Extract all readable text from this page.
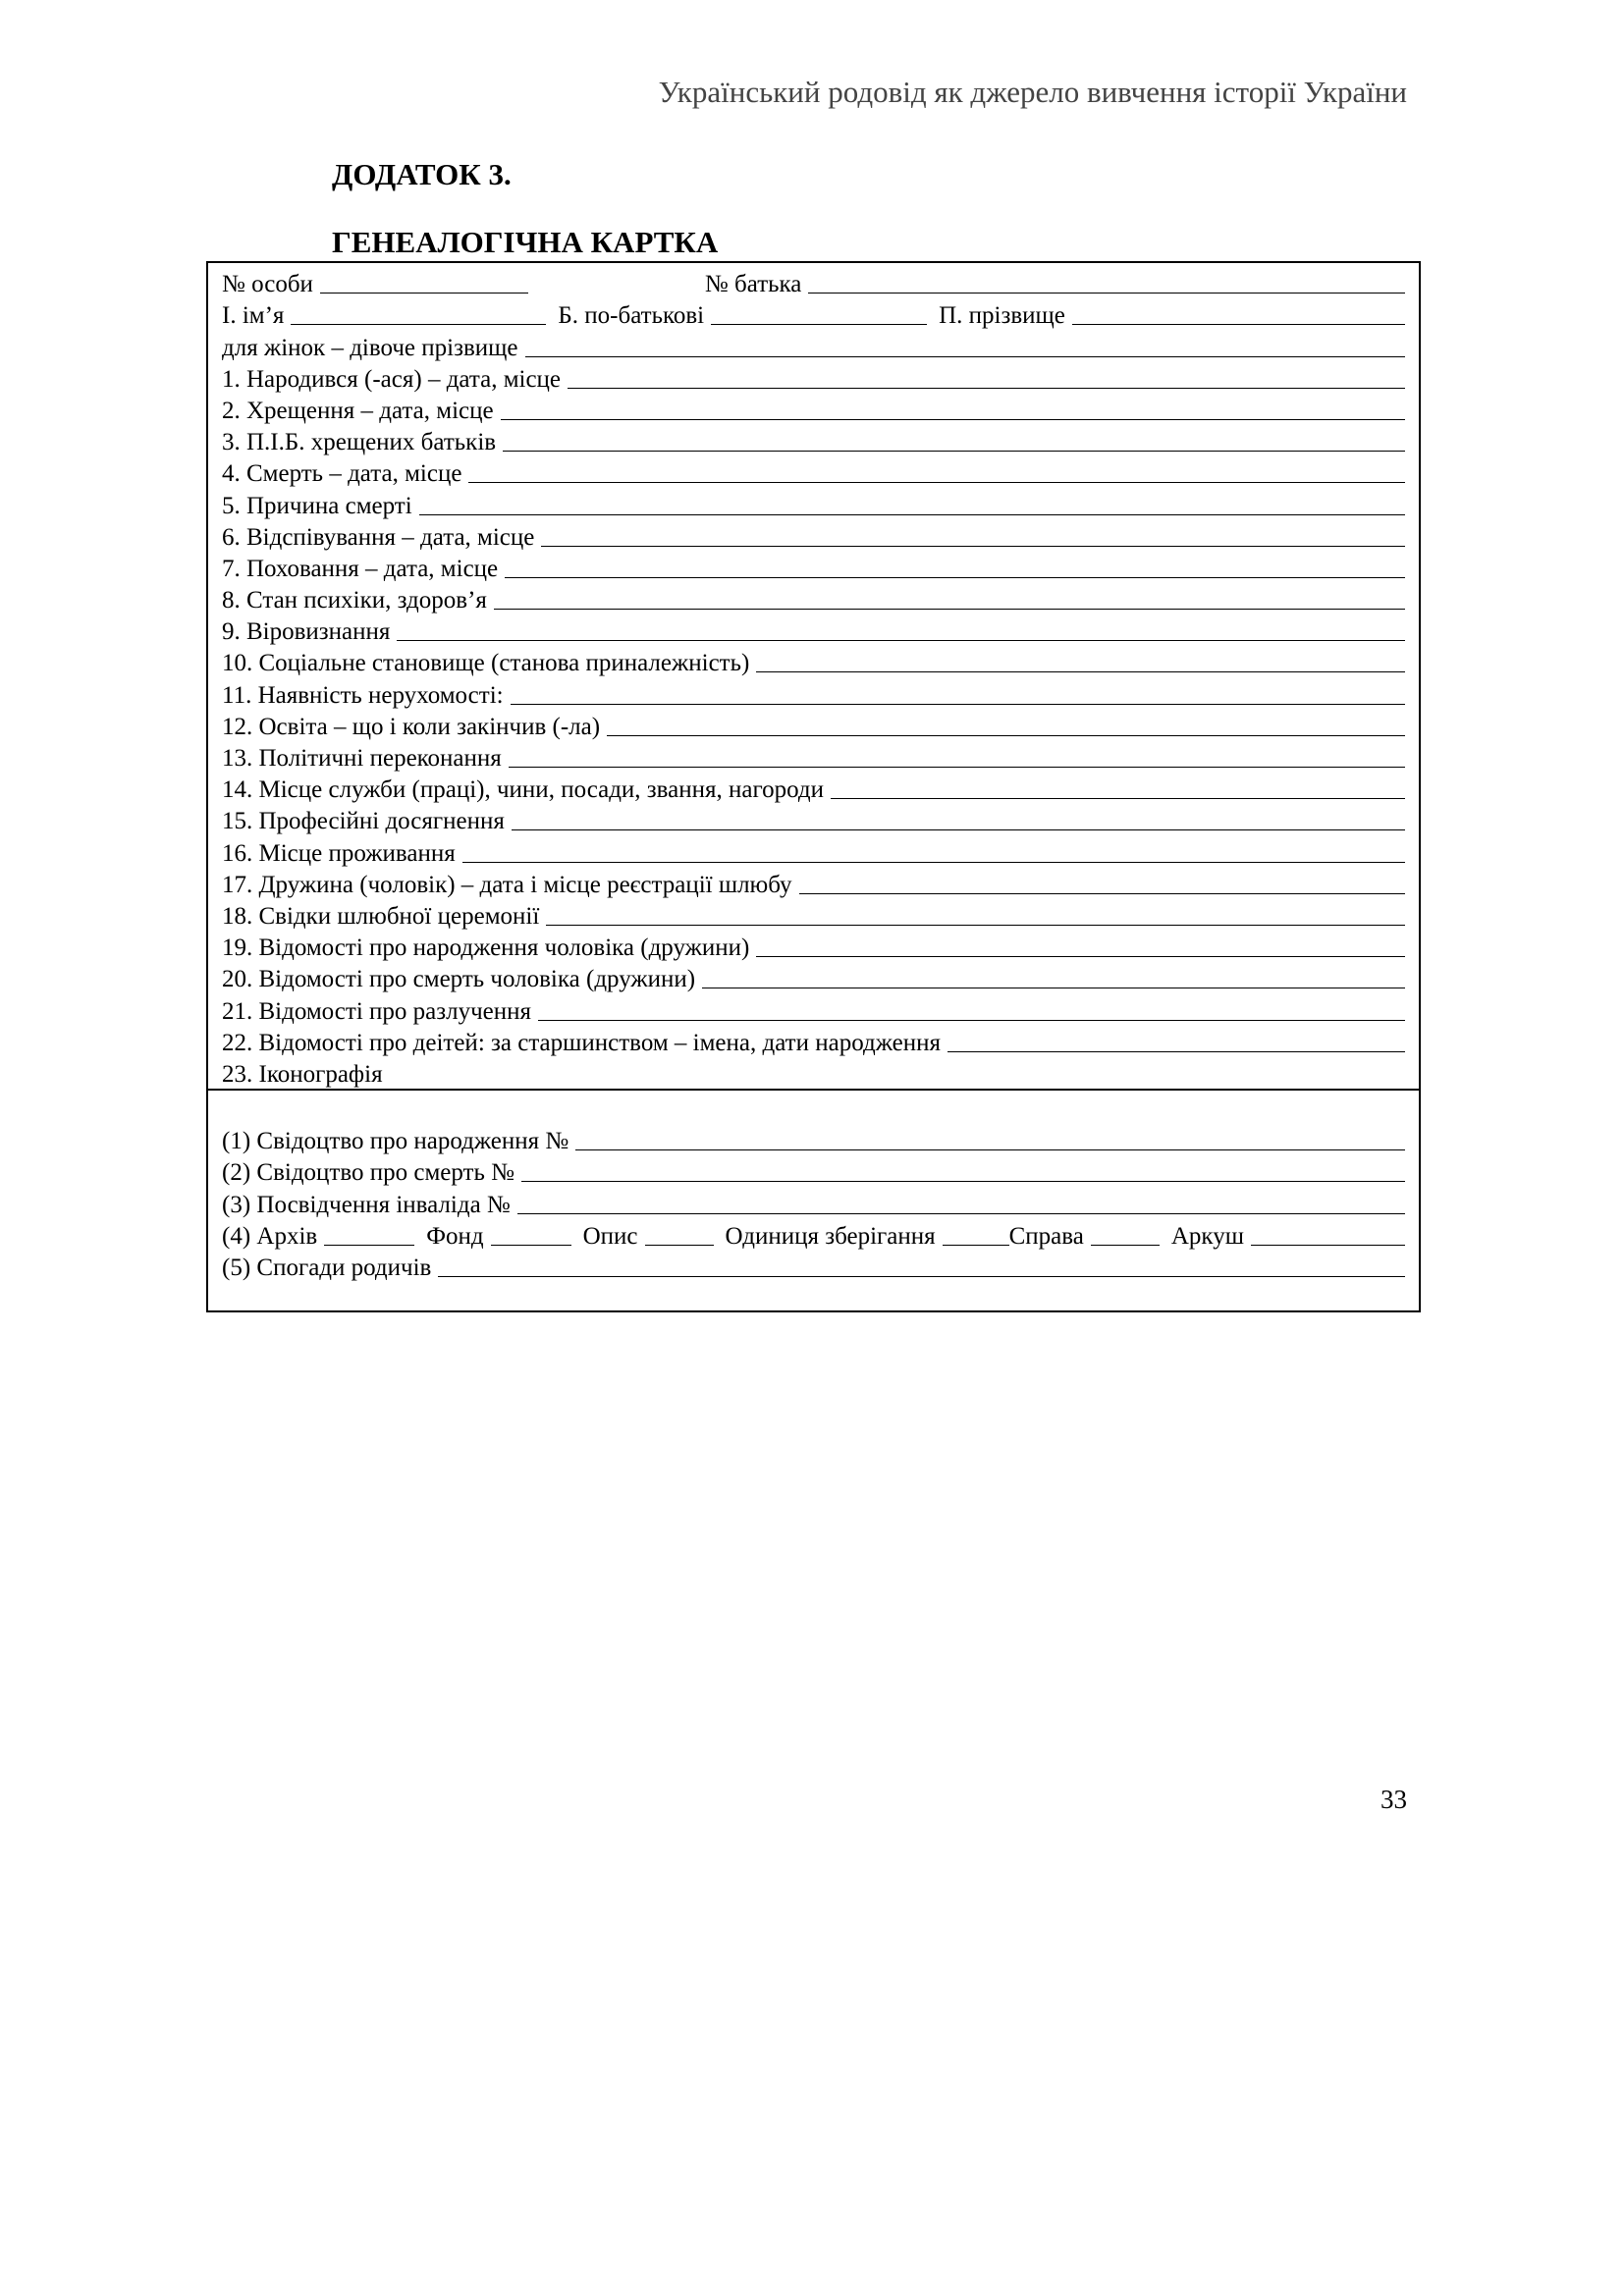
Український родовід як джерело вивчення історії України
ДОДАТОК 3.
ГЕНЕАЛОГІЧНА КАРТКА
№ особи	№ батька
І. ім’я	Б. по-батькові	П. прізвище
для жінок – дівоче прізвище
1. Народився (-ася) – дата, місце
2. Хрещення – дата, місце
3. П.І.Б. хрещених батьків
4. Смерть – дата, місце
5. Причина смерті
6. Відспівування – дата, місце
7. Поховання – дата, місце
8. Стан психіки, здоров’я
9. Віровизнання
10. Соціальне становище (станова приналежність)
11. Наявність нерухомості:
12. Освіта – що і коли закінчив (-ла)
13. Політичні переконання
14. Місце служби (праці), чини, посади, звання, нагороди
15. Професійні досягнення
16. Місце проживання
17. Дружина (чоловік) – дата і місце реєстрації шлюбу
18. Свідки шлюбної церемонії
19. Відомості про народження чоловіка (дружини)
20. Відомості про смерть чоловіка (дружини)
21. Відомості про разлучення
22. Відомості про деітей: за старшинством – імена, дати народження
23. Іконографія
(1) Свідоцтво про народження №
(2) Свідоцтво про смерть №
(3) Посвідчення інваліда №
(4) Архів	Фонд	Опис	Одиниця зберігання	Справа	Аркуш
(5) Спогади родичів
33
